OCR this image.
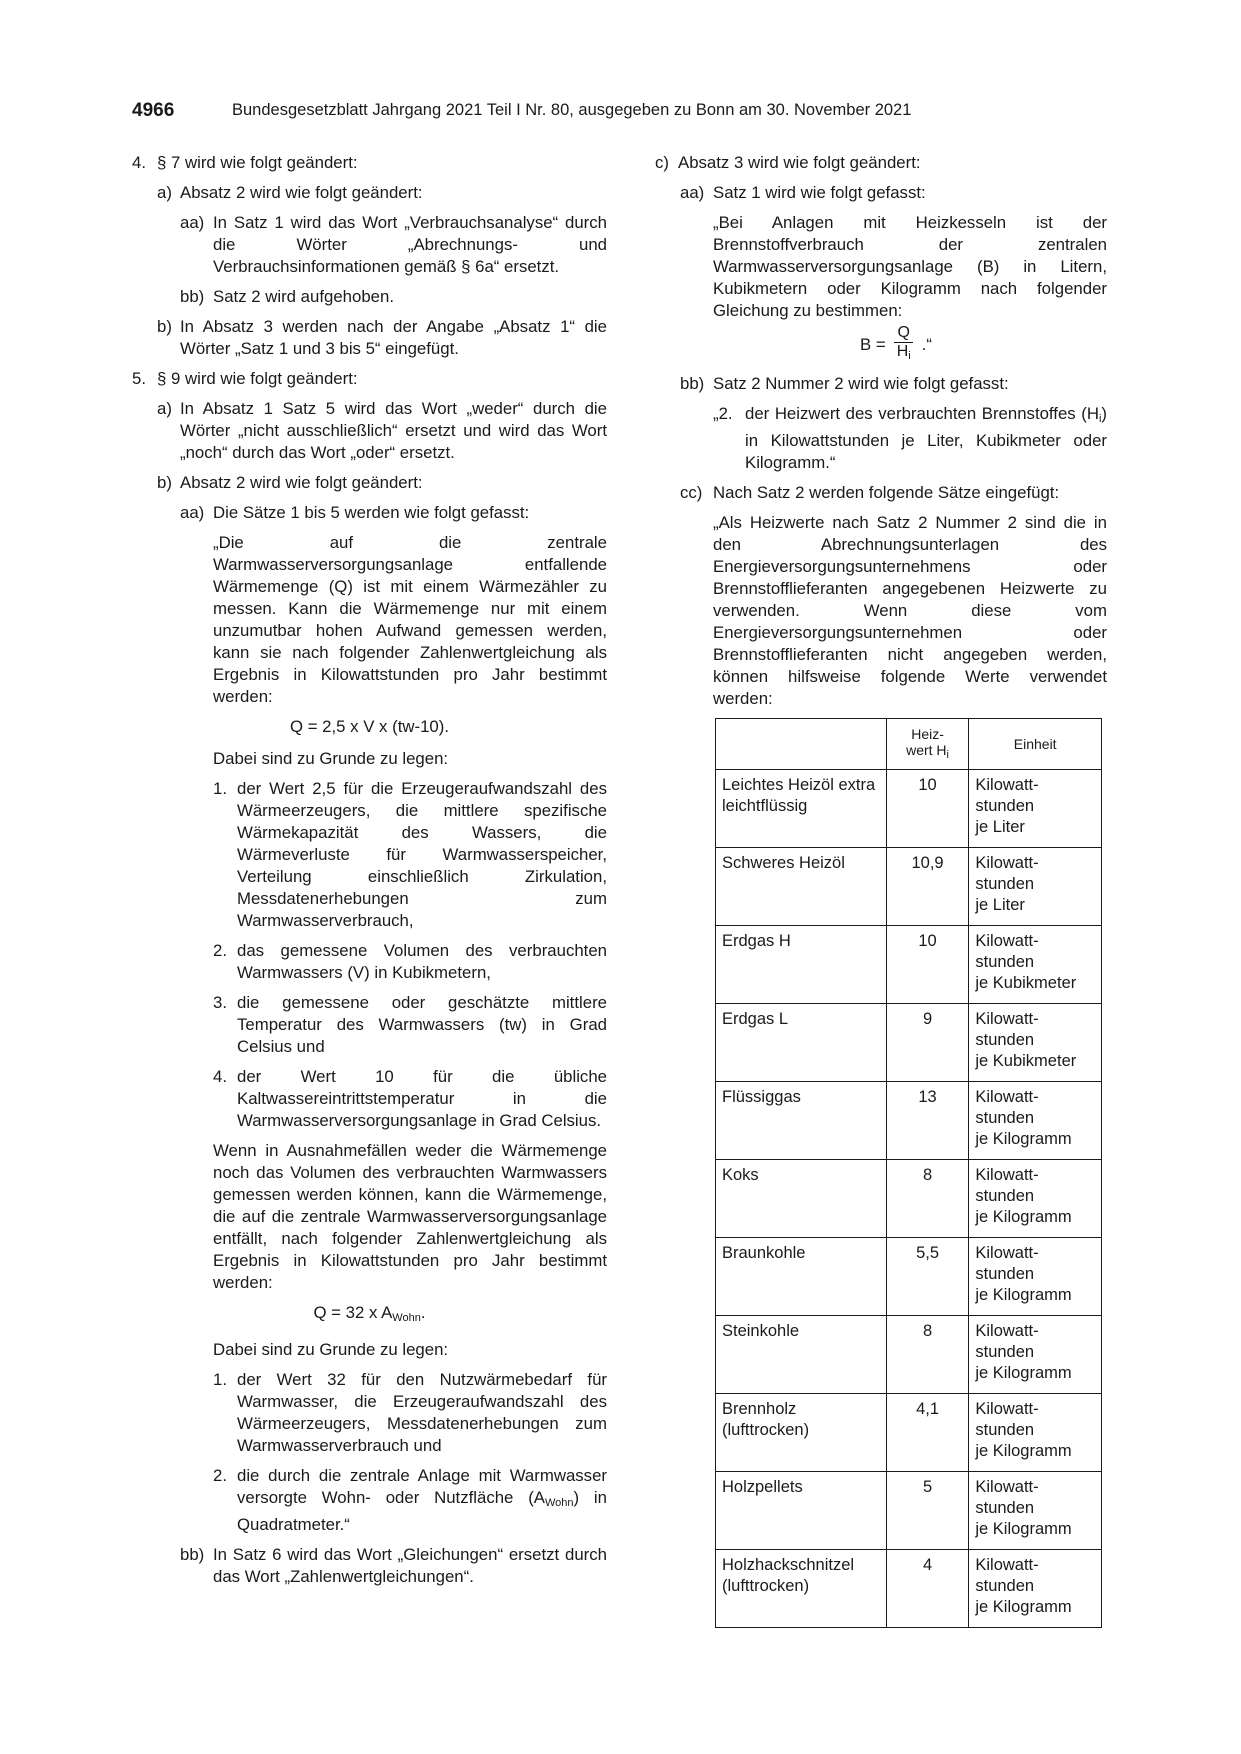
4966	Bundesgesetzblatt Jahrgang 2021 Teil I Nr. 80, ausgegeben zu Bonn am 30. November 2021
4. § 7 wird wie folgt geändert:
a) Absatz 2 wird wie folgt geändert:
aa) In Satz 1 wird das Wort „Verbrauchsanalyse“ durch die Wörter „Abrechnungs- und Verbrauchsinformationen gemäß § 6a“ ersetzt.
bb) Satz 2 wird aufgehoben.
b) In Absatz 3 werden nach der Angabe „Absatz 1“ die Wörter „Satz 1 und 3 bis 5“ eingefügt.
5. § 9 wird wie folgt geändert:
a) In Absatz 1 Satz 5 wird das Wort „weder“ durch die Wörter „nicht ausschließlich“ ersetzt und wird das Wort „noch“ durch das Wort „oder“ ersetzt.
b) Absatz 2 wird wie folgt geändert:
aa) Die Sätze 1 bis 5 werden wie folgt gefasst:
„Die auf die zentrale Warmwasserversorgungsanlage entfallende Wärmemenge (Q) ist mit einem Wärmezähler zu messen. Kann die Wärmemenge nur mit einem unzumutbar hohen Aufwand gemessen werden, kann sie nach folgender Zahlenwertgleichung als Ergebnis in Kilowattstunden pro Jahr bestimmt werden:
Q = 2,5 x V x (tw-10).
Dabei sind zu Grunde zu legen:
1. der Wert 2,5 für die Erzeugeraufwandszahl des Wärmeerzeugers, die mittlere spezifische Wärmekapazität des Wassers, die Wärmeverluste für Warmwasserspeicher, Verteilung einschließlich Zirkulation, Messdatenerhebungen zum Warmwasserverbrauch,
2. das gemessene Volumen des verbrauchten Warmwassers (V) in Kubikmetern,
3. die gemessene oder geschätzte mittlere Temperatur des Warmwassers (tw) in Grad Celsius und
4. der Wert 10 für die übliche Kaltwassereintrittstemperatur in die Warmwasserversorgungsanlage in Grad Celsius.
Wenn in Ausnahmefällen weder die Wärmemenge noch das Volumen des verbrauchten Warmwassers gemessen werden können, kann die Wärmemenge, die auf die zentrale Warmwasserversorgungsanlage entfällt, nach folgender Zahlenwertgleichung als Ergebnis in Kilowattstunden pro Jahr bestimmt werden:
Q = 32 x $A_{Wohn}$.
Dabei sind zu Grunde zu legen:
1. der Wert 32 für den Nutzwärmebedarf für Warmwasser, die Erzeugeraufwandszahl des Wärmeerzeugers, Messdatenerhebungen zum Warmwasserverbrauch und
2. die durch die zentrale Anlage mit Warmwasser versorgte Wohn- oder Nutzfläche $(A_{Wohn})$ in Quadratmeter.“
bb) In Satz 6 wird das Wort „Gleichungen“ ersetzt durch das Wort „Zahlenwertgleichungen“.
c) Absatz 3 wird wie folgt geändert:
aa) Satz 1 wird wie folgt gefasst:
„Bei Anlagen mit Heizkesseln ist der Brennstoffverbrauch der zentralen Warmwasserversorgungsanlage (B) in Litern, Kubikmetern oder Kilogramm nach folgender Gleichung zu bestimmen:
$B = \frac{Q}{H_i}$ .“
bb) Satz 2 Nummer 2 wird wie folgt gefasst:
„2. der Heizwert des verbrauchten Brennstoffes $(H_i)$ in Kilowattstunden je Liter, Kubikmeter oder Kilogramm.“
cc) Nach Satz 2 werden folgende Sätze eingefügt:
„Als Heizwerte nach Satz 2 Nummer 2 sind die in den Abrechnungsunterlagen des Energieversorgungsunternehmens oder Brennstofflieferanten angegebenen Heizwerte zu verwenden. Wenn diese vom Energieversorgungsunternehmen oder Brennstofflieferanten nicht angegeben werden, können hilfsweise folgende Werte verwendet werden:
	Heiz-
wert $H_i$	Einheit
Leichtes Heizöl extra leichtflüssig	10	Kilowatt-
stunden
je Liter
Schweres Heizöl	10,9	Kilowatt-
stunden
je Liter
Erdgas H	10	Kilowatt-
stunden
je Kubikmeter
Erdgas L	9	Kilowatt-
stunden
je Kubikmeter
Flüssiggas	13	Kilowatt-
stunden
je Kilogramm
Koks	8	Kilowatt-
stunden
je Kilogramm
Braunkohle	5,5	Kilowatt-
stunden
je Kilogramm
Steinkohle	8	Kilowatt-
stunden
je Kilogramm
Brennholz (lufttrocken)	4,1	Kilowatt-
stunden
je Kilogramm
Holzpellets	5	Kilowatt-
stunden
je Kilogramm
Holzhackschnitzel (lufttrocken)	4	Kilowatt-
stunden
je Kilogramm
